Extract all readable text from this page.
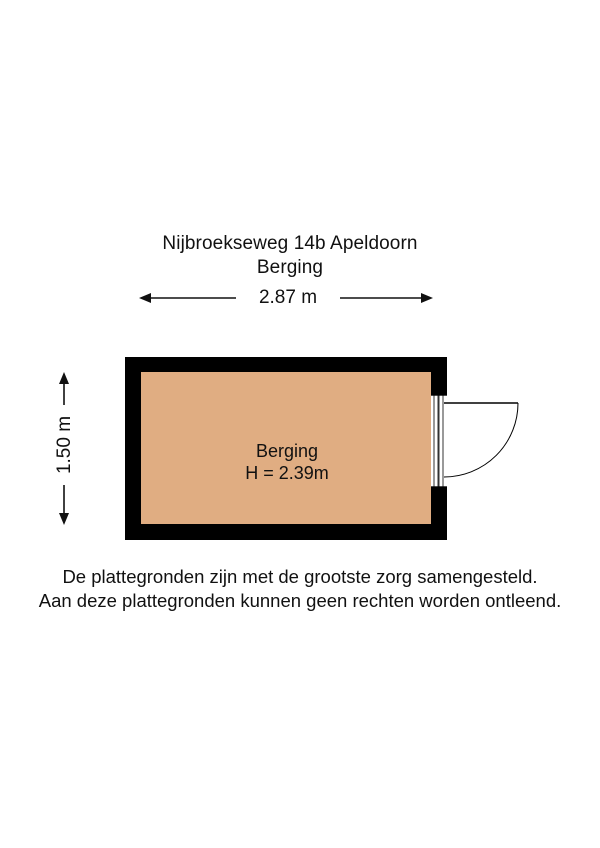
Nijbroekseweg 14b Apeldoorn
Berging
2.87 m
1.50 m	Berging
H = 2.39m
De plattegronden zijn met de grootste zorg samengesteld.
Aan deze plattegronden kunnen geen rechten worden ontleend.
